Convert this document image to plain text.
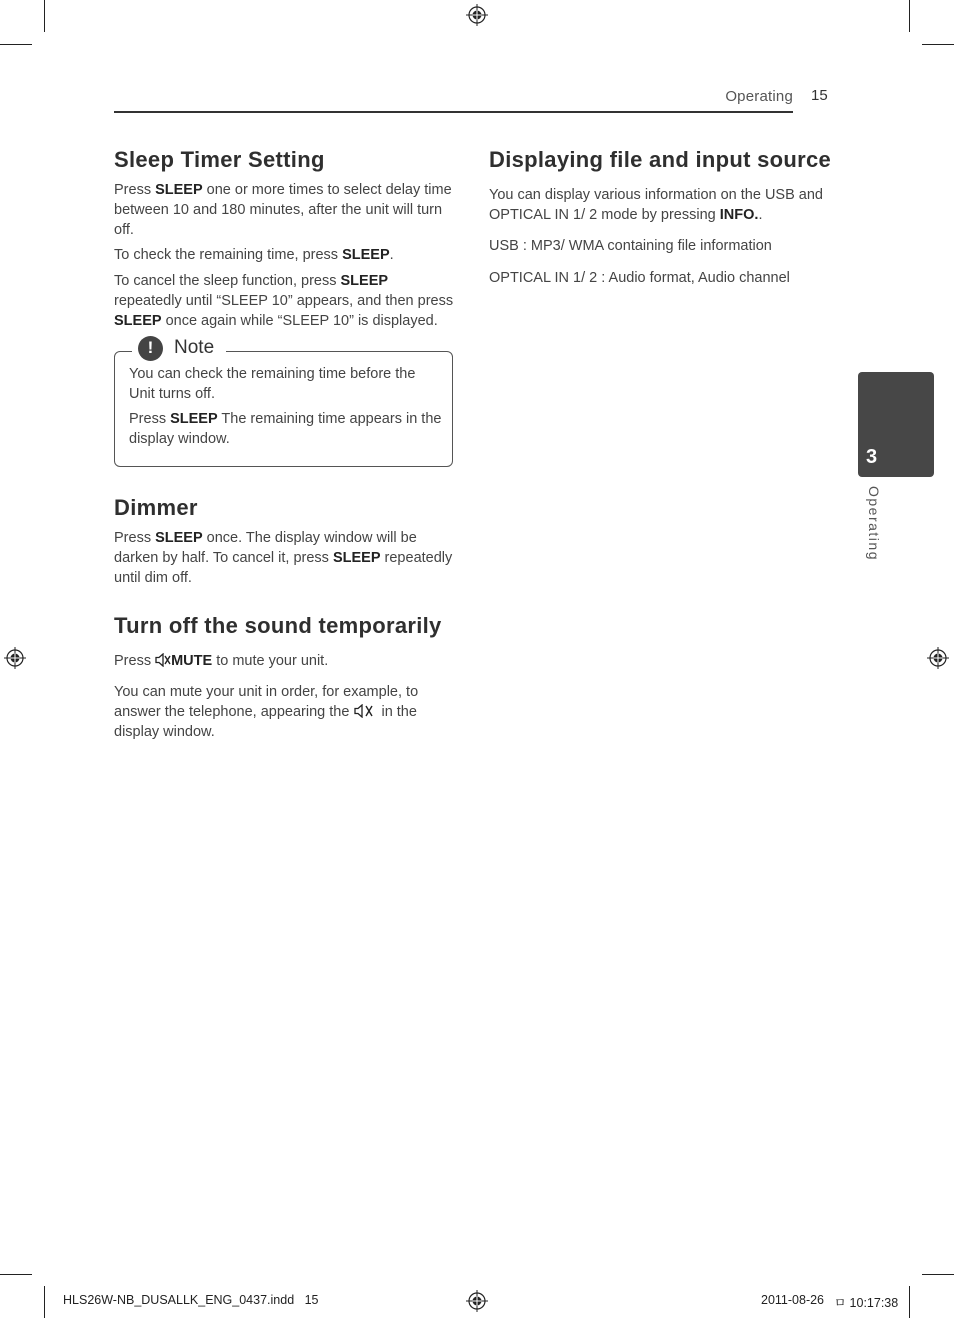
Operating 15
Sleep Timer Setting

Press SLEEP one or more times to select delay time between 10 and 180 minutes, after the unit will turn off.

To check the remaining time, press SLEEP.

To cancel the sleep function, press SLEEP repeatedly until “SLEEP 10” appears, and then press SLEEP once again while “SLEEP 10” is displayed.

!	Note

You can check the remaining time before the Unit turns off.

Press SLEEP The remaining time appears in the display window.

Dimmer

Press SLEEP once. The display window will be darken by half. To cancel it, press SLEEP repeatedly until dim off.

Turn off the sound temporarily

Press MUTE to mute your unit.

You can mute your unit in order, for example, to answer the telephone, appearing the  in the display window.

Displaying file and input source

You can display various information on the USB and OPTICAL IN 1/ 2 mode by pressing INFO..

USB : MP3/ WMA containing file information

OPTICAL IN 1/ 2 : Audio format, Audio channel

3
Operating
HLS26W-NB_DUSALLK_ENG_0437.indd   15	2011-08-26 ㅁ 10:17:38
